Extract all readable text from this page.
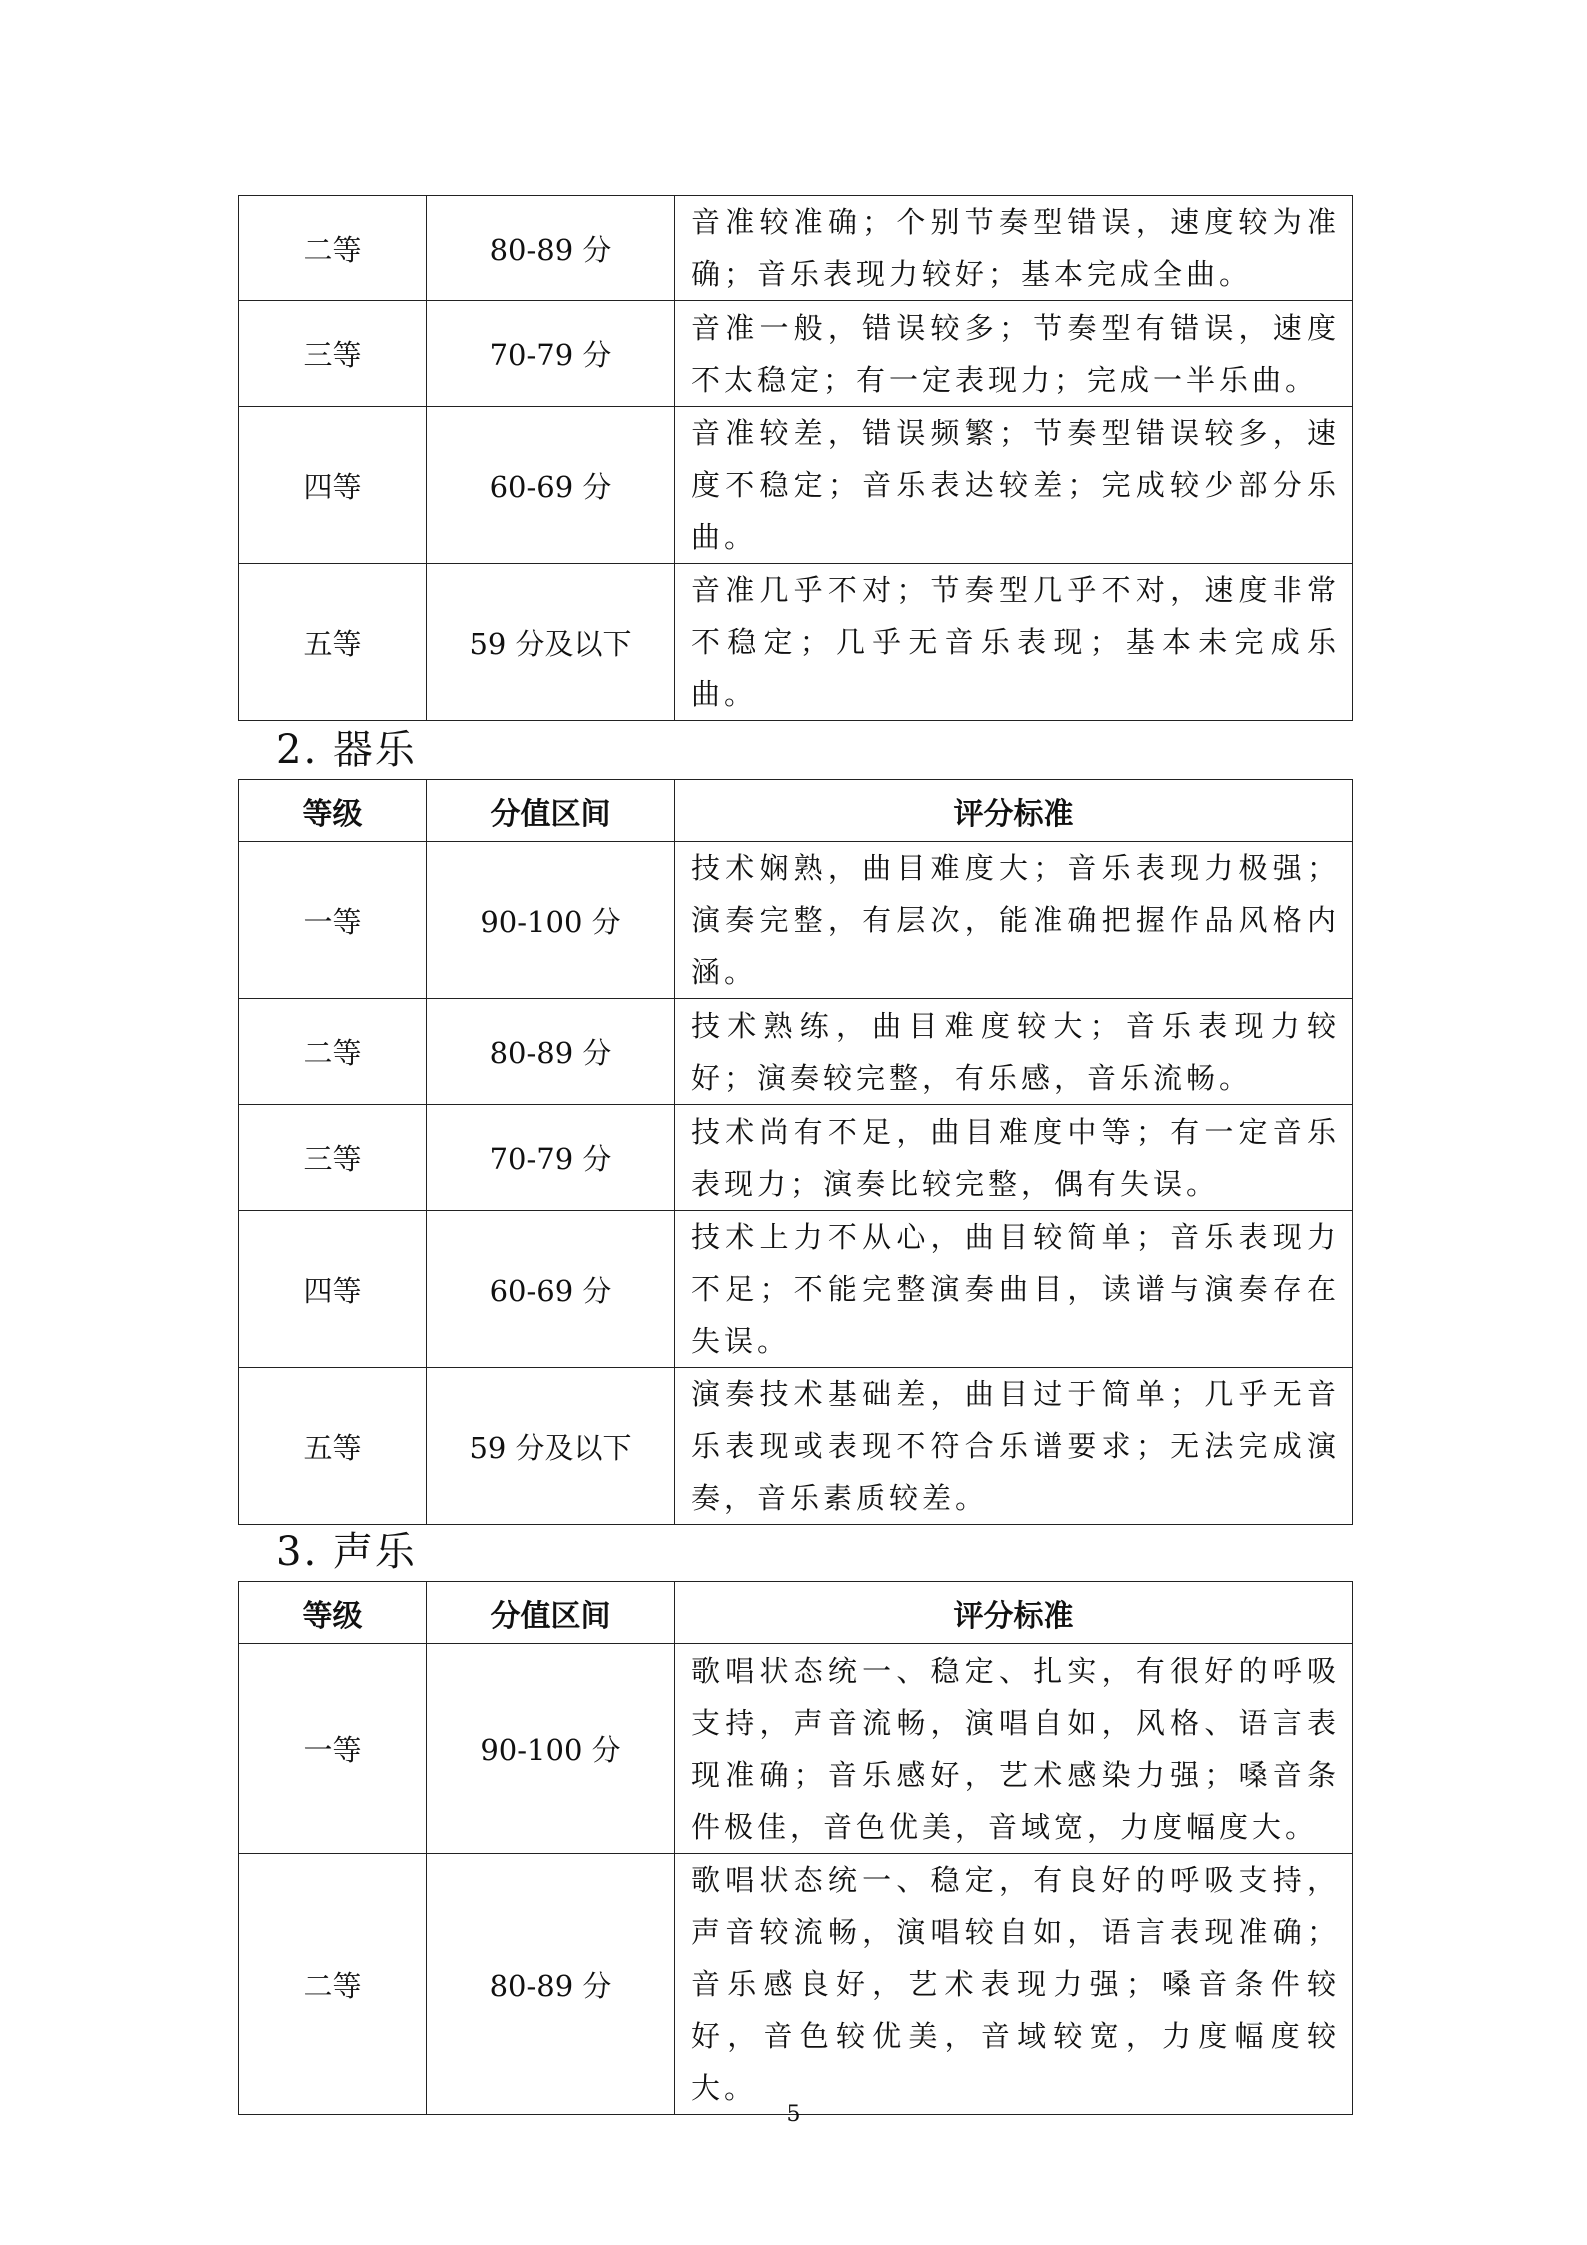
二等	80-89 分	音准较准确；个别节奏型错误，速度较为准确；音乐表现力较好；基本完成全曲。
三等	70-79 分	音准一般，错误较多；节奏型有错误，速度不太稳定；有一定表现力；完成一半乐曲。
四等	60-69 分	音准较差，错误频繁；节奏型错误较多，速度不稳定；音乐表达较差；完成较少部分乐曲。
五等	59 分及以下	音准几乎不对；节奏型几乎不对，速度非常不稳定；几乎无音乐表现；基本未完成乐曲。
2. 器乐
等级	分值区间	评分标准
一等	90-100 分	技术娴熟，曲目难度大；音乐表现力极强；演奏完整，有层次，能准确把握作品风格内涵。
二等	80-89 分	技术熟练，曲目难度较大；音乐表现力较好；演奏较完整，有乐感，音乐流畅。
三等	70-79 分	技术尚有不足，曲目难度中等；有一定音乐表现力；演奏比较完整，偶有失误。
四等	60-69 分	技术上力不从心，曲目较简单；音乐表现力不足；不能完整演奏曲目，读谱与演奏存在失误。
五等	59 分及以下	演奏技术基础差，曲目过于简单；几乎无音乐表现或表现不符合乐谱要求；无法完成演奏，音乐素质较差。
3. 声乐
等级	分值区间	评分标准
一等	90-100 分	歌唱状态统一、稳定、扎实，有很好的呼吸支持，声音流畅，演唱自如，风格、语言表现准确；音乐感好，艺术感染力强；嗓音条件极佳，音色优美，音域宽，力度幅度大。
二等	80-89 分	歌唱状态统一、稳定，有良好的呼吸支持，声音较流畅，演唱较自如，语言表现准确；音乐感良好，艺术表现力强；嗓音条件较好，音色较优美，音域较宽，力度幅度较大。
5
